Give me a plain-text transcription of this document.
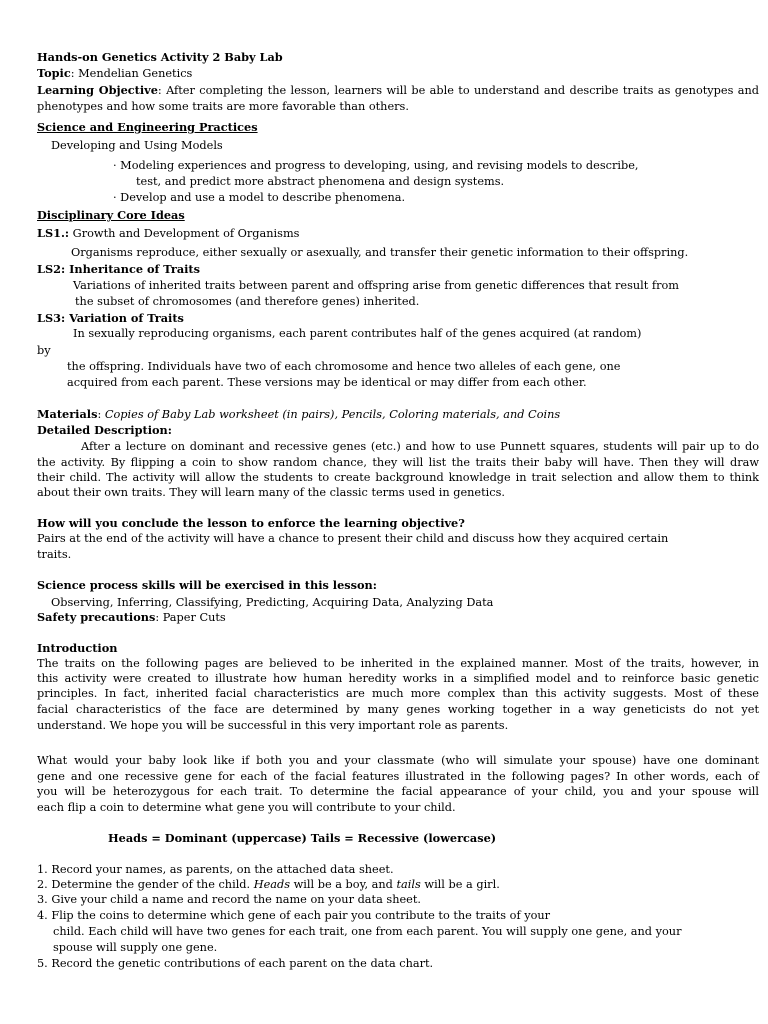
Hands-on Genetics Activity 2 Baby Lab
Topic: Mendelian Genetics
Learning Objective: After completing the lesson, learners will be able to understand and describe traits as genotypes and
phenotypes and how some traits are more favorable than others.
Science and Engineering Practices
Developing and Using Models
· Modeling experiences and progress to developing, using, and revising models to describe,
test, and predict more abstract phenomena and design systems.
· Develop and use a model to describe phenomena.
Disciplinary Core Ideas
LS1.: Growth and Development of Organisms
Organisms reproduce, either sexually or asexually, and transfer their genetic information to their offspring.
LS2: Inheritance of Traits
Variations of inherited traits between parent and offspring arise from genetic differences that result from
the subset of chromosomes (and therefore genes) inherited.
LS3: Variation of Traits
In sexually reproducing organisms, each parent contributes half of the genes acquired (at random)
by
the offspring. Individuals have two of each chromosome and hence two alleles of each gene, one
acquired from each parent. These versions may be identical or may differ from each other.
Materials: Copies of Baby Lab worksheet (in pairs), Pencils, Coloring materials, and Coins
Detailed Description:
After a lecture on dominant and recessive genes (etc.) and how to use Punnett squares, students will pair up to do
the activity. By flipping a coin to show random chance, they will list the traits their baby will have. Then they will draw
their child. The activity will allow the students to create background knowledge in trait selection and allow them to think
about their own traits. They will learn many of the classic terms used in genetics.
How will you conclude the lesson to enforce the learning objective?
Pairs at the end of the activity will have a chance to present their child and discuss how they acquired certain
traits.
Science process skills will be exercised in this lesson:
Observing, Inferring, Classifying, Predicting, Acquiring Data, Analyzing Data
Safety precautions: Paper Cuts
Introduction
The traits on the following pages are believed to be inherited in the explained manner. Most of the traits, however, in
this activity were created to illustrate how human heredity works in a simplified model and to reinforce basic genetic
principles. In fact, inherited facial characteristics are much more complex than this activity suggests. Most of these
facial characteristics of the face are determined by many genes working together in a way geneticists do not yet
understand. We hope you will be successful in this very important role as parents.
What would your baby look like if both you and your classmate (who will simulate your spouse) have one dominant
gene and one recessive gene for each of the facial features illustrated in the following pages? In other words, each of
you will be heterozygous for each trait. To determine the facial appearance of your child, you and your spouse will
each flip a coin to determine what gene you will contribute to your child.
Heads = Dominant (uppercase) Tails = Recessive (lowercase)
1. Record your names, as parents, on the attached data sheet.
2. Determine the gender of the child. Heads will be a boy, and tails will be a girl.
3. Give your child a name and record the name on your data sheet.
4. Flip the coins to determine which gene of each pair you contribute to the traits of your
child. Each child will have two genes for each trait, one from each parent. You will supply one gene, and your
spouse will supply one gene.
5. Record the genetic contributions of each parent on the data chart.
